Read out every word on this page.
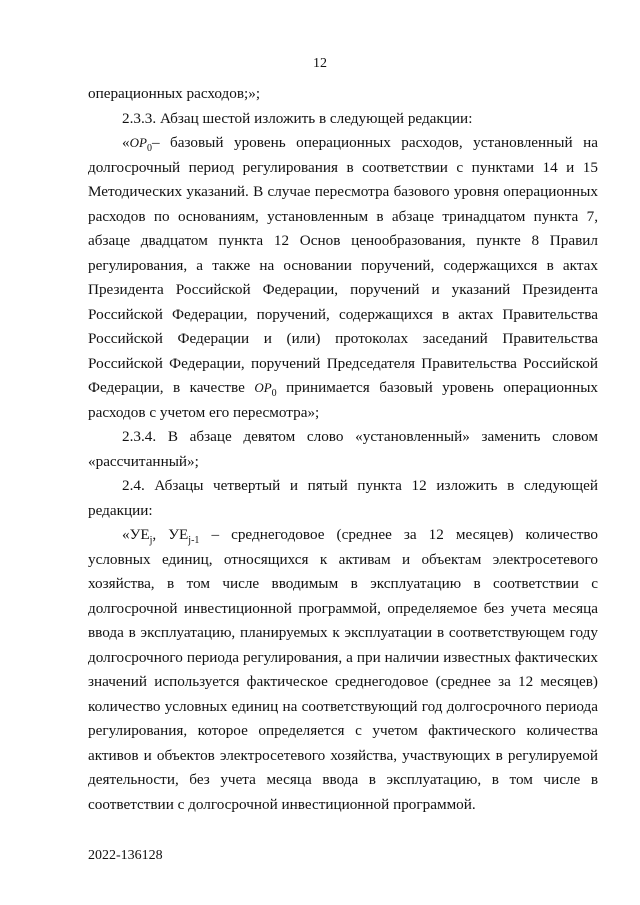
12

операционных расходов;»;

2.3.3. Абзац шестой изложить в следующей редакции:

«$OP_0-$ базовый уровень операционных расходов, установленный на долгосрочный период регулирования в соответствии с пунктами 14 и 15 Методических указаний. В случае пересмотра базового уровня операционных расходов по основаниям, установленным в абзаце тринадцатом пункта 7, абзаце двадцатом пункта 12 Основ ценообразования, пункте 8 Правил регулирования, а также на основании поручений, содержащихся в актах Президента Российской Федерации, поручений и указаний Президента Российской Федерации, поручений, содержащихся в актах Правительства Российской Федерации и (или) протоколах заседаний Правительства Российской Федерации, поручений Председателя Правительства Российской Федерации, в качестве $OP_0$ принимается базовый уровень операционных расходов с учетом его пересмотра»;

2.3.4. В абзаце девятом слово «установленный» заменить словом «рассчитанный»;

2.4. Абзацы четвертый и пятый пункта 12 изложить в следующей редакции:

«$УЕ_j$, $УЕ_{j-1}$ – среднегодовое (среднее за 12 месяцев) количество условных единиц, относящихся к активам и объектам электросетевого хозяйства, в том числе вводимым в эксплуатацию в соответствии с долгосрочной инвестиционной программой, определяемое без учета месяца ввода в эксплуатацию, планируемых к эксплуатации в соответствующем году долгосрочного периода регулирования, а при наличии известных фактических значений используется фактическое среднегодовое (среднее за 12 месяцев) количество условных единиц на соответствующий год долгосрочного периода регулирования, которое определяется с учетом фактического количества активов и объектов электросетевого хозяйства, участвующих в регулируемой деятельности, без учета месяца ввода в эксплуатацию, в том числе в соответствии с долгосрочной инвестиционной программой.

2022-136128
